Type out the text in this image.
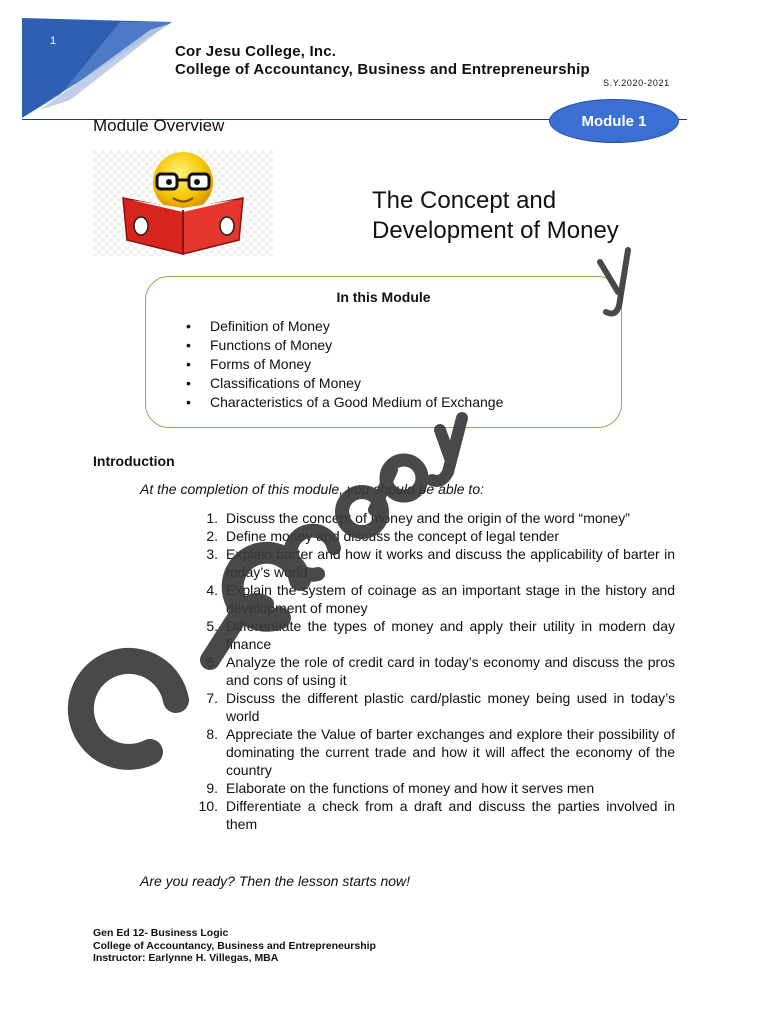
1
Cor Jesu College, Inc.
College of Accountancy, Business and Entrepreneurship
S.Y.2020-2021
Module 1
Module Overview
The Concept and
Development of Money
In this Module
• Definition of Money
• Functions of Money
• Forms of Money
• Classifications of Money
• Characteristics of a Good Medium of Exchange
Introduction
At the completion of this module, you should be able to:
1. Discuss the concept of money and the origin of the word “money”
2. Define money and discuss the concept of legal tender
3. Explain barter and how it works and discuss the applicability of barter in today’s world
4. Explain the system of coinage as an important stage in the history and development of money
5. Differentiate the types of money and apply their utility in modern day finance
6. Analyze the role of credit card in today’s economy and discuss the pros and cons of using it
7. Discuss the different plastic card/plastic money being used in today’s world
8. Appreciate the Value of barter exchanges and explore their possibility of dominating the current trade and how it will affect the economy of the country
9. Elaborate on the functions of money and how it serves men
10. Differentiate a check from a draft and discuss the parties involved in them
Are you ready? Then the lesson starts now!
Gen Ed 12- Business Logic
College of Accountancy, Business and Entrepreneurship
Instructor: Earlynne H. Villegas, MBA
